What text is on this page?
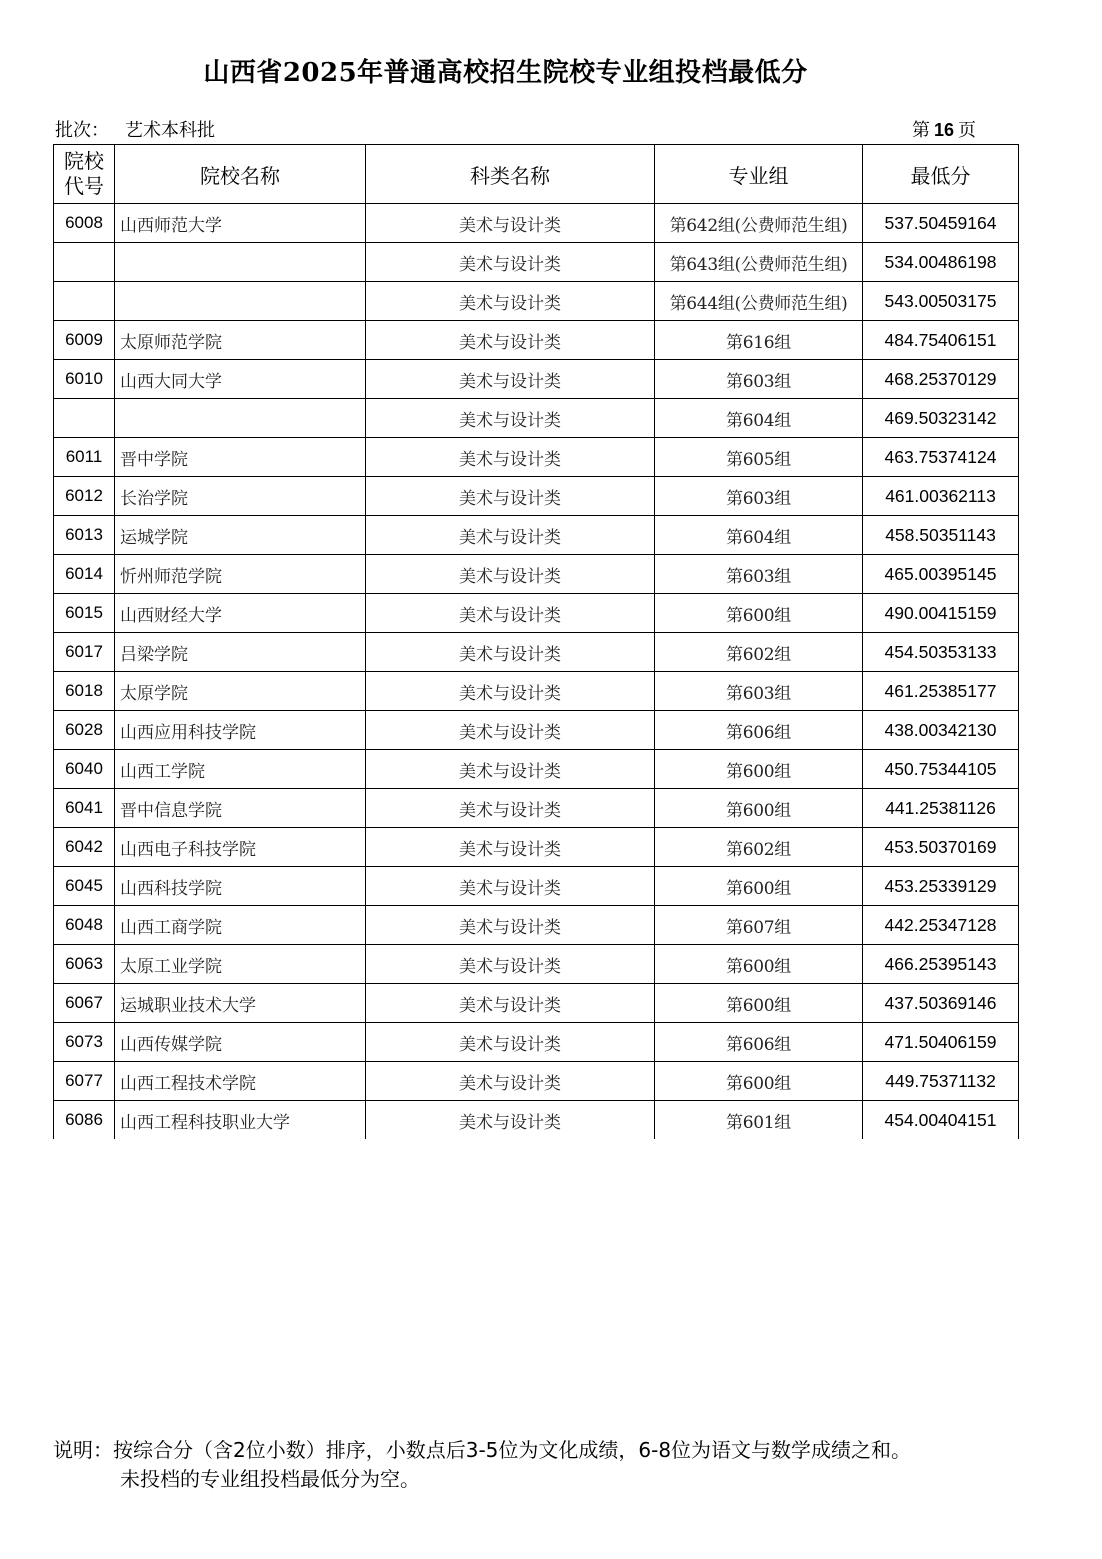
山西省2025年普通高校招生院校专业组投档最低分
批次： 艺术本科批	第 16 页
院校
代号	院校名称	科类名称	专业组	最低分
6008	山西师范大学	美术与设计类	第642组(公费师范生组)	537.50459164
		美术与设计类	第643组(公费师范生组)	534.00486198
		美术与设计类	第644组(公费师范生组)	543.00503175
6009	太原师范学院	美术与设计类	第616组	484.75406151
6010	山西大同大学	美术与设计类	第603组	468.25370129
		美术与设计类	第604组	469.50323142
6011	晋中学院	美术与设计类	第605组	463.75374124
6012	长治学院	美术与设计类	第603组	461.00362113
6013	运城学院	美术与设计类	第604组	458.50351143
6014	忻州师范学院	美术与设计类	第603组	465.00395145
6015	山西财经大学	美术与设计类	第600组	490.00415159
6017	吕梁学院	美术与设计类	第602组	454.50353133
6018	太原学院	美术与设计类	第603组	461.25385177
6028	山西应用科技学院	美术与设计类	第606组	438.00342130
6040	山西工学院	美术与设计类	第600组	450.75344105
6041	晋中信息学院	美术与设计类	第600组	441.25381126
6042	山西电子科技学院	美术与设计类	第602组	453.50370169
6045	山西科技学院	美术与设计类	第600组	453.25339129
6048	山西工商学院	美术与设计类	第607组	442.25347128
6063	太原工业学院	美术与设计类	第600组	466.25395143
6067	运城职业技术大学	美术与设计类	第600组	437.50369146
6073	山西传媒学院	美术与设计类	第606组	471.50406159
6077	山西工程技术学院	美术与设计类	第600组	449.75371132
6086	山西工程科技职业大学	美术与设计类	第601组	454.00404151
说明：按综合分（含2位小数）排序，小数点后3-5位为文化成绩，6-8位为语文与数学成绩之和。
未投档的专业组投档最低分为空。
